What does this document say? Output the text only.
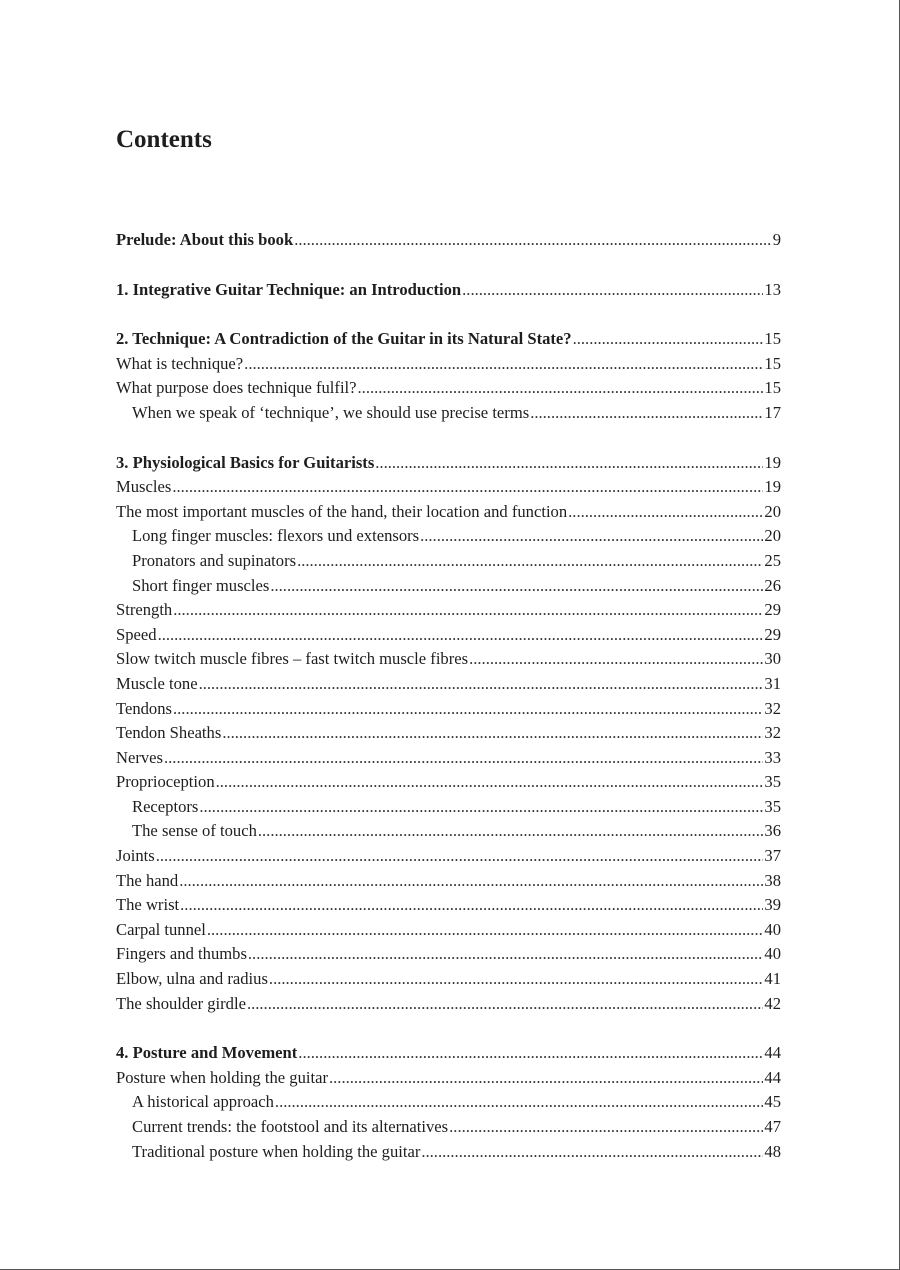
Contents
Prelude: About this book .....	9
1. Integrative Guitar Technique: an Introduction .....	13
2. Technique: A Contradiction of the Guitar in its Natural State? .....	15
What is technique? .....	15
What purpose does technique fulfil? .....	15
When we speak of ‘technique’, we should use precise terms .....	17
3. Physiological Basics for Guitarists .....	19
Muscles .....	19
The most important muscles of the hand, their location and function .....	20
Long finger muscles: flexors und extensors .....	20
Pronators and supinators .....	25
Short finger muscles .....	26
Strength .....	29
Speed .....	29
Slow twitch muscle fibres – fast twitch muscle fibres .....	30
Muscle tone .....	31
Tendons .....	32
Tendon Sheaths .....	32
Nerves .....	33
Proprioception .....	35
Receptors .....	35
The sense of touch .....	36
Joints .....	37
The hand .....	38
The wrist .....	39
Carpal tunnel .....	40
Fingers and thumbs .....	40
Elbow, ulna and radius .....	41
The shoulder girdle .....	42
4. Posture and Movement .....	44
Posture when holding the guitar .....	44
A historical approach .....	45
Current trends: the footstool and its alternatives .....	47
Traditional posture when holding the guitar .....	48
